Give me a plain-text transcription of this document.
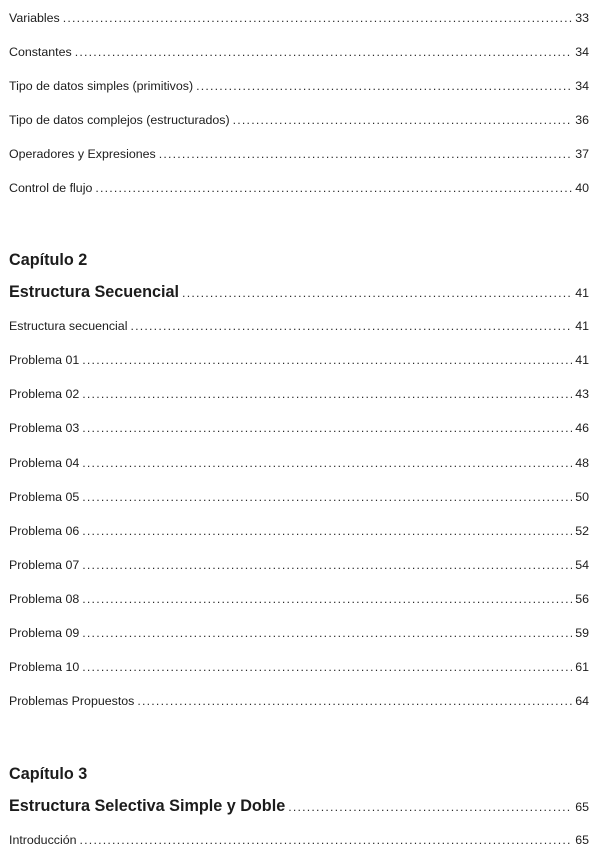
Variables .....	33
Constantes .....	34
Tipo de datos simples (primitivos) .....	34
Tipo de datos complejos (estructurados) .....	36
Operadores y Expresiones .....	37
Control de flujo .....	40
Capítulo 2
Estructura Secuencial .....	41
Estructura secuencial .....	41
Problema 01 .....	41
Problema 02 .....	43
Problema 03 .....	46
Problema 04 .....	48
Problema 05 .....	50
Problema 06 .....	52
Problema 07 .....	54
Problema 08 .....	56
Problema 09 .....	59
Problema 10 .....	61
Problemas Propuestos .....	64
Capítulo 3
Estructura Selectiva Simple y Doble .....	65
Introducción .....	65
